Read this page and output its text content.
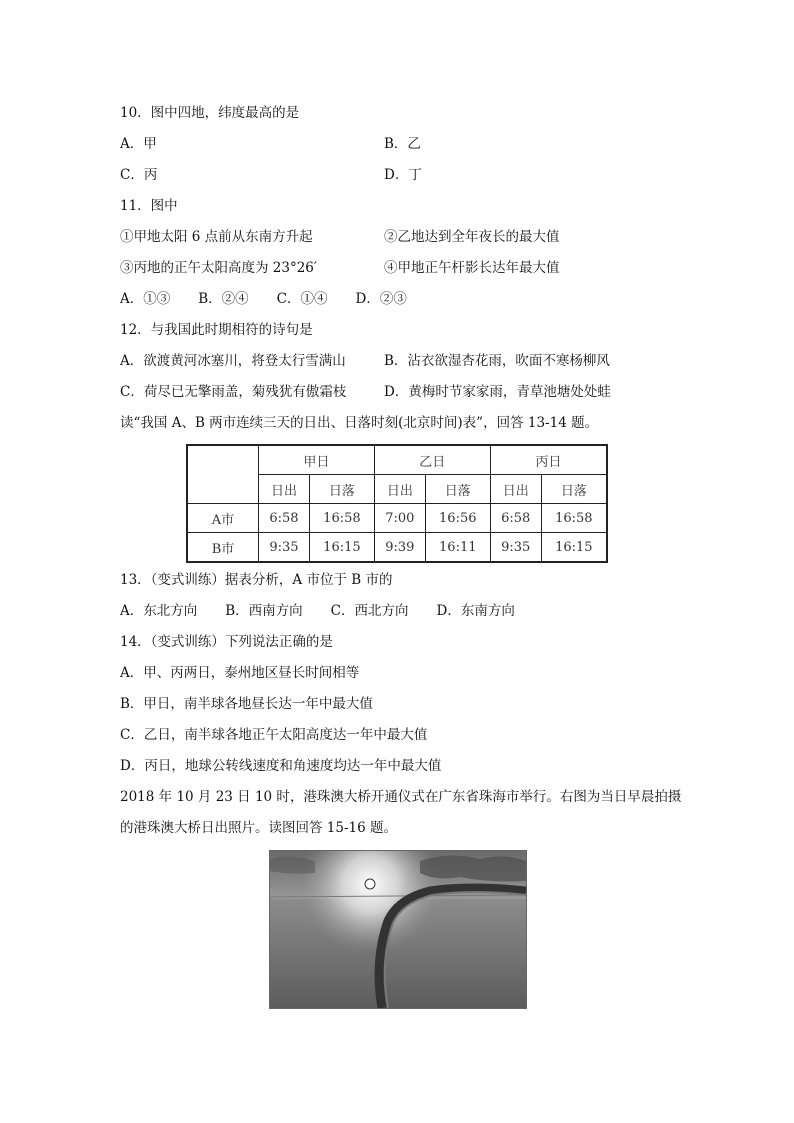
10．图中四地，纬度最高的是
A．甲	B．乙
C．丙	D．丁
11．图中
①甲地太阳 6 点前从东南方升起	②乙地达到全年夜长的最大值
③丙地的正午太阳高度为 23°26′	④甲地正午杆影长达年最大值
A．①③ B．②④ C．①④ D．②③
12．与我国此时期相符的诗句是
A．欲渡黄河冰塞川，将登太行雪满山	B．沾衣欲湿杏花雨，吹面不寒杨柳风
C．荷尽已无擎雨盖，菊残犹有傲霜枝	D．黄梅时节家家雨，青草池塘处处蛙
读“我国 A、B 两市连续三天的日出、日落时刻(北京时间)表”，回答 13-14 题。
	甲日		乙日		丙日	
	日出	日落	日出	日落	日出	日落
A市	6:58	16:58	7:00	16:56	6:58	16:58
B市	9:35	16:15	9:39	16:11	9:35	16:15
13．（变式训练）据表分析，A 市位于 B 市的
A．东北方向 B．西南方向 C．西北方向 D．东南方向
14．（变式训练）下列说法正确的是
A．甲、丙两日，泰州地区昼长时间相等
B．甲日，南半球各地昼长达一年中最大值
C．乙日，南半球各地正午太阳高度达一年中最大值
D．丙日，地球公转线速度和角速度均达一年中最大值
2018 年 10 月 23 日 10 时，港珠澳大桥开通仪式在广东省珠海市举行。右图为当日早晨拍摄
的港珠澳大桥日出照片。读图回答 15-16 题。
